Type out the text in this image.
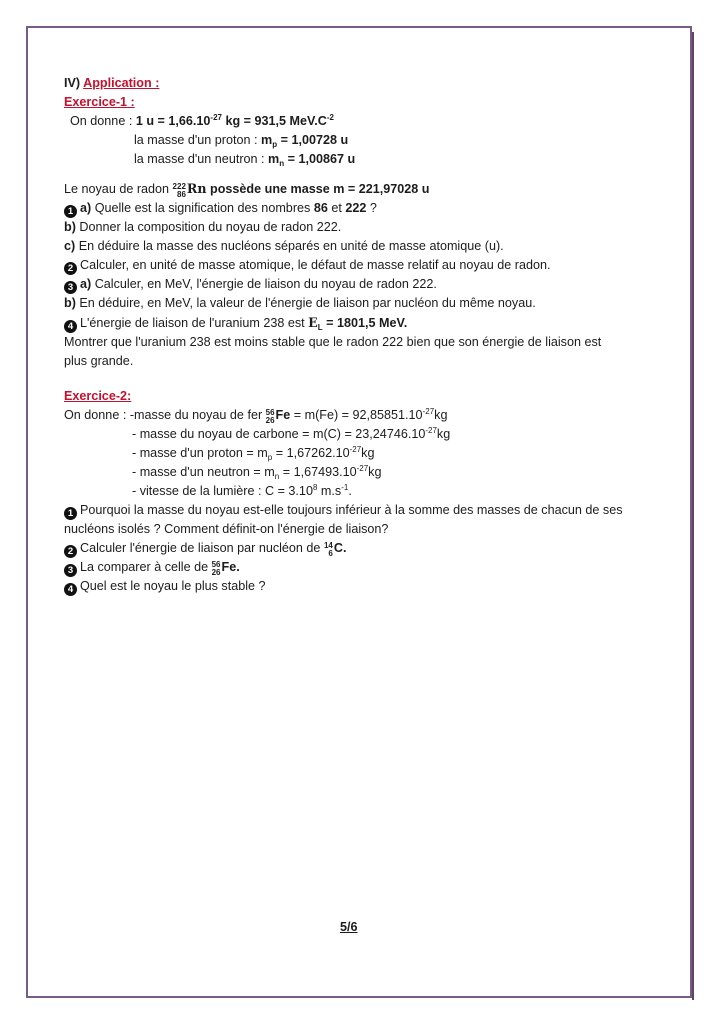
IV) Application :
Exercice-1 :
On donne : 1 $u = 1,66.10^{-27}$ kg = 931,5 $MeV.C^{-2}$
la masse d'un proton : $m_p = 1,00728$ u
la masse d'un neutron : $m_n = 1,00867$ u
Le noyau de radon 222
86 Rn possède une masse m = 221,97028 u
1 a) Quelle est la signification des nombres 86 et 222 ?
b) Donner la composition du noyau de radon 222.
c) En déduire la masse des nucléons séparés en unité de masse atomique (u).
2 Calculer, en unité de masse atomique, le défaut de masse relatif au noyau de radon.
3 a) Calculer, en MeV, l'énergie de liaison du noyau de radon 222.
b) En déduire, en MeV, la valeur de l'énergie de liaison par nucléon du même noyau.
4 L'énergie de liaison de l'uranium 238 est $E_L = 1801,5$ MeV.
Montrer que l'uranium 238 est moins stable que le radon 222 bien que son énergie de liaison est plus grande.
Exercice-2:
On donne : -masse du noyau de fer 56
26 $Fe = m(Fe) = 92,85851.10^{-27}kg$
- masse du noyau de carbone = $m(C) = 23,24746.10^{-27}kg$
- masse d'un proton = $m_p = 1,67262.10^{-27}kg$
- masse d'un neutron = $m_n = 1,67493.10^{-27}kg$
- vitesse de la lumière : $C = 3.10^8$ $m.s^{-1}$.
1 Pourquoi la masse du noyau est-elle toujours inférieur à la somme des masses de chacun de ses nucléons isolés ? Comment définit-on l'énergie de liaison?
2 Calculer l'énergie de liaison par nucléon de 14
6 C.
3 La comparer à celle de 56
26 Fe.
4 Quel est le noyau le plus stable ?
5/6
